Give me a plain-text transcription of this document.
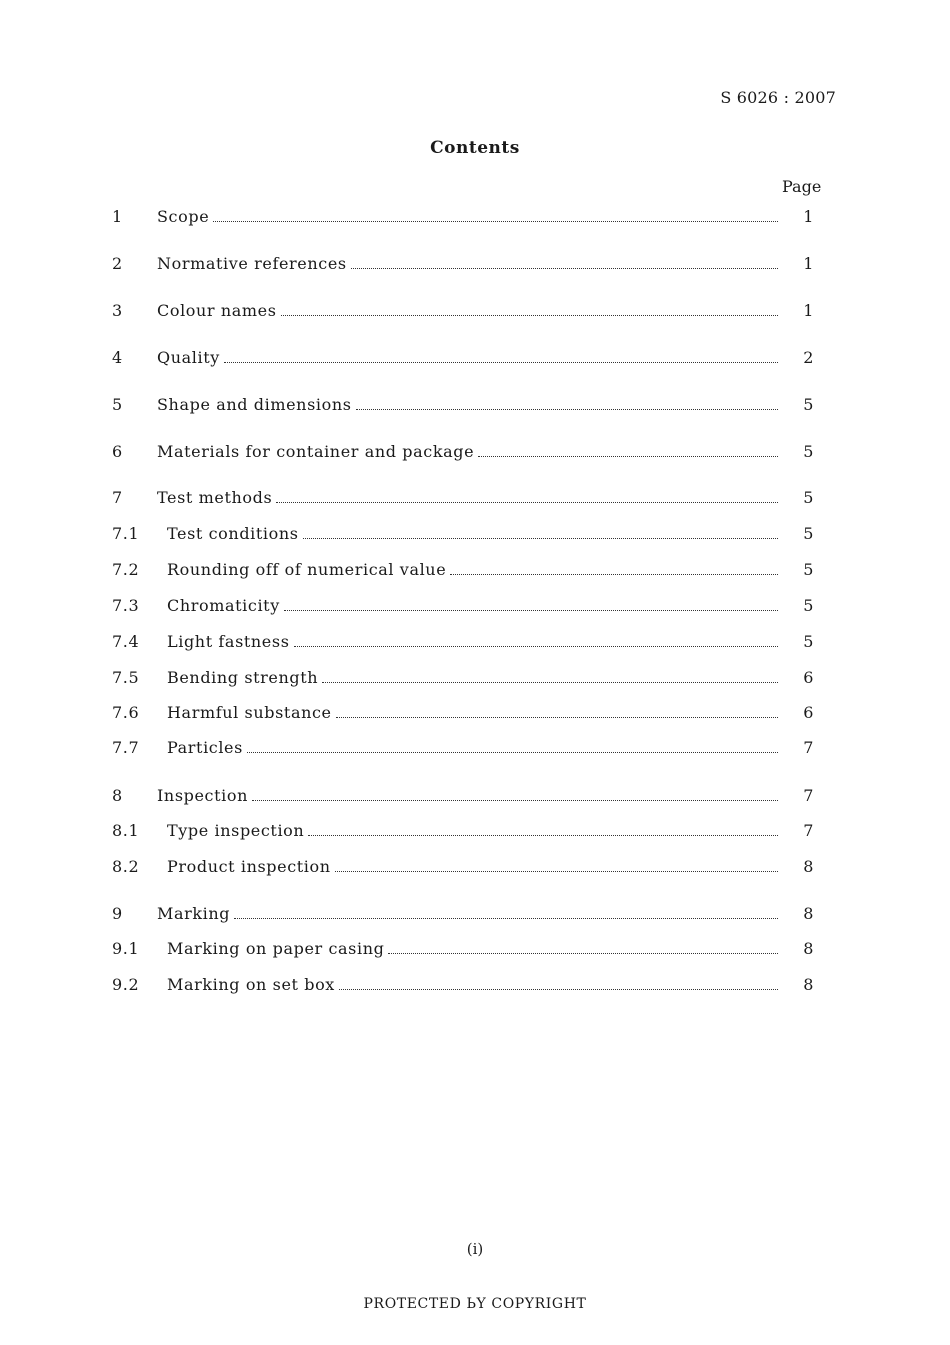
S 6026 : 2007
Contents
Page
1 Scope	1
2 Normative references	1
3 Colour names	1
4 Quality	2
5 Shape and dimensions	5
6 Materials for container and package	5
7 Test methods	5
7.1 Test conditions	5
7.2 Rounding off of numerical value	5
7.3 Chromaticity	5
7.4 Light fastness	5
7.5 Bending strength	6
7.6 Harmful substance	6
7.7 Particles	7
8 Inspection	7
8.1 Type inspection	7
8.2 Product inspection	8
9 Marking	8
9.1 Marking on paper casing	8
9.2 Marking on set box	8
(i)
PROTECTED ЬY COPYRIGHT
